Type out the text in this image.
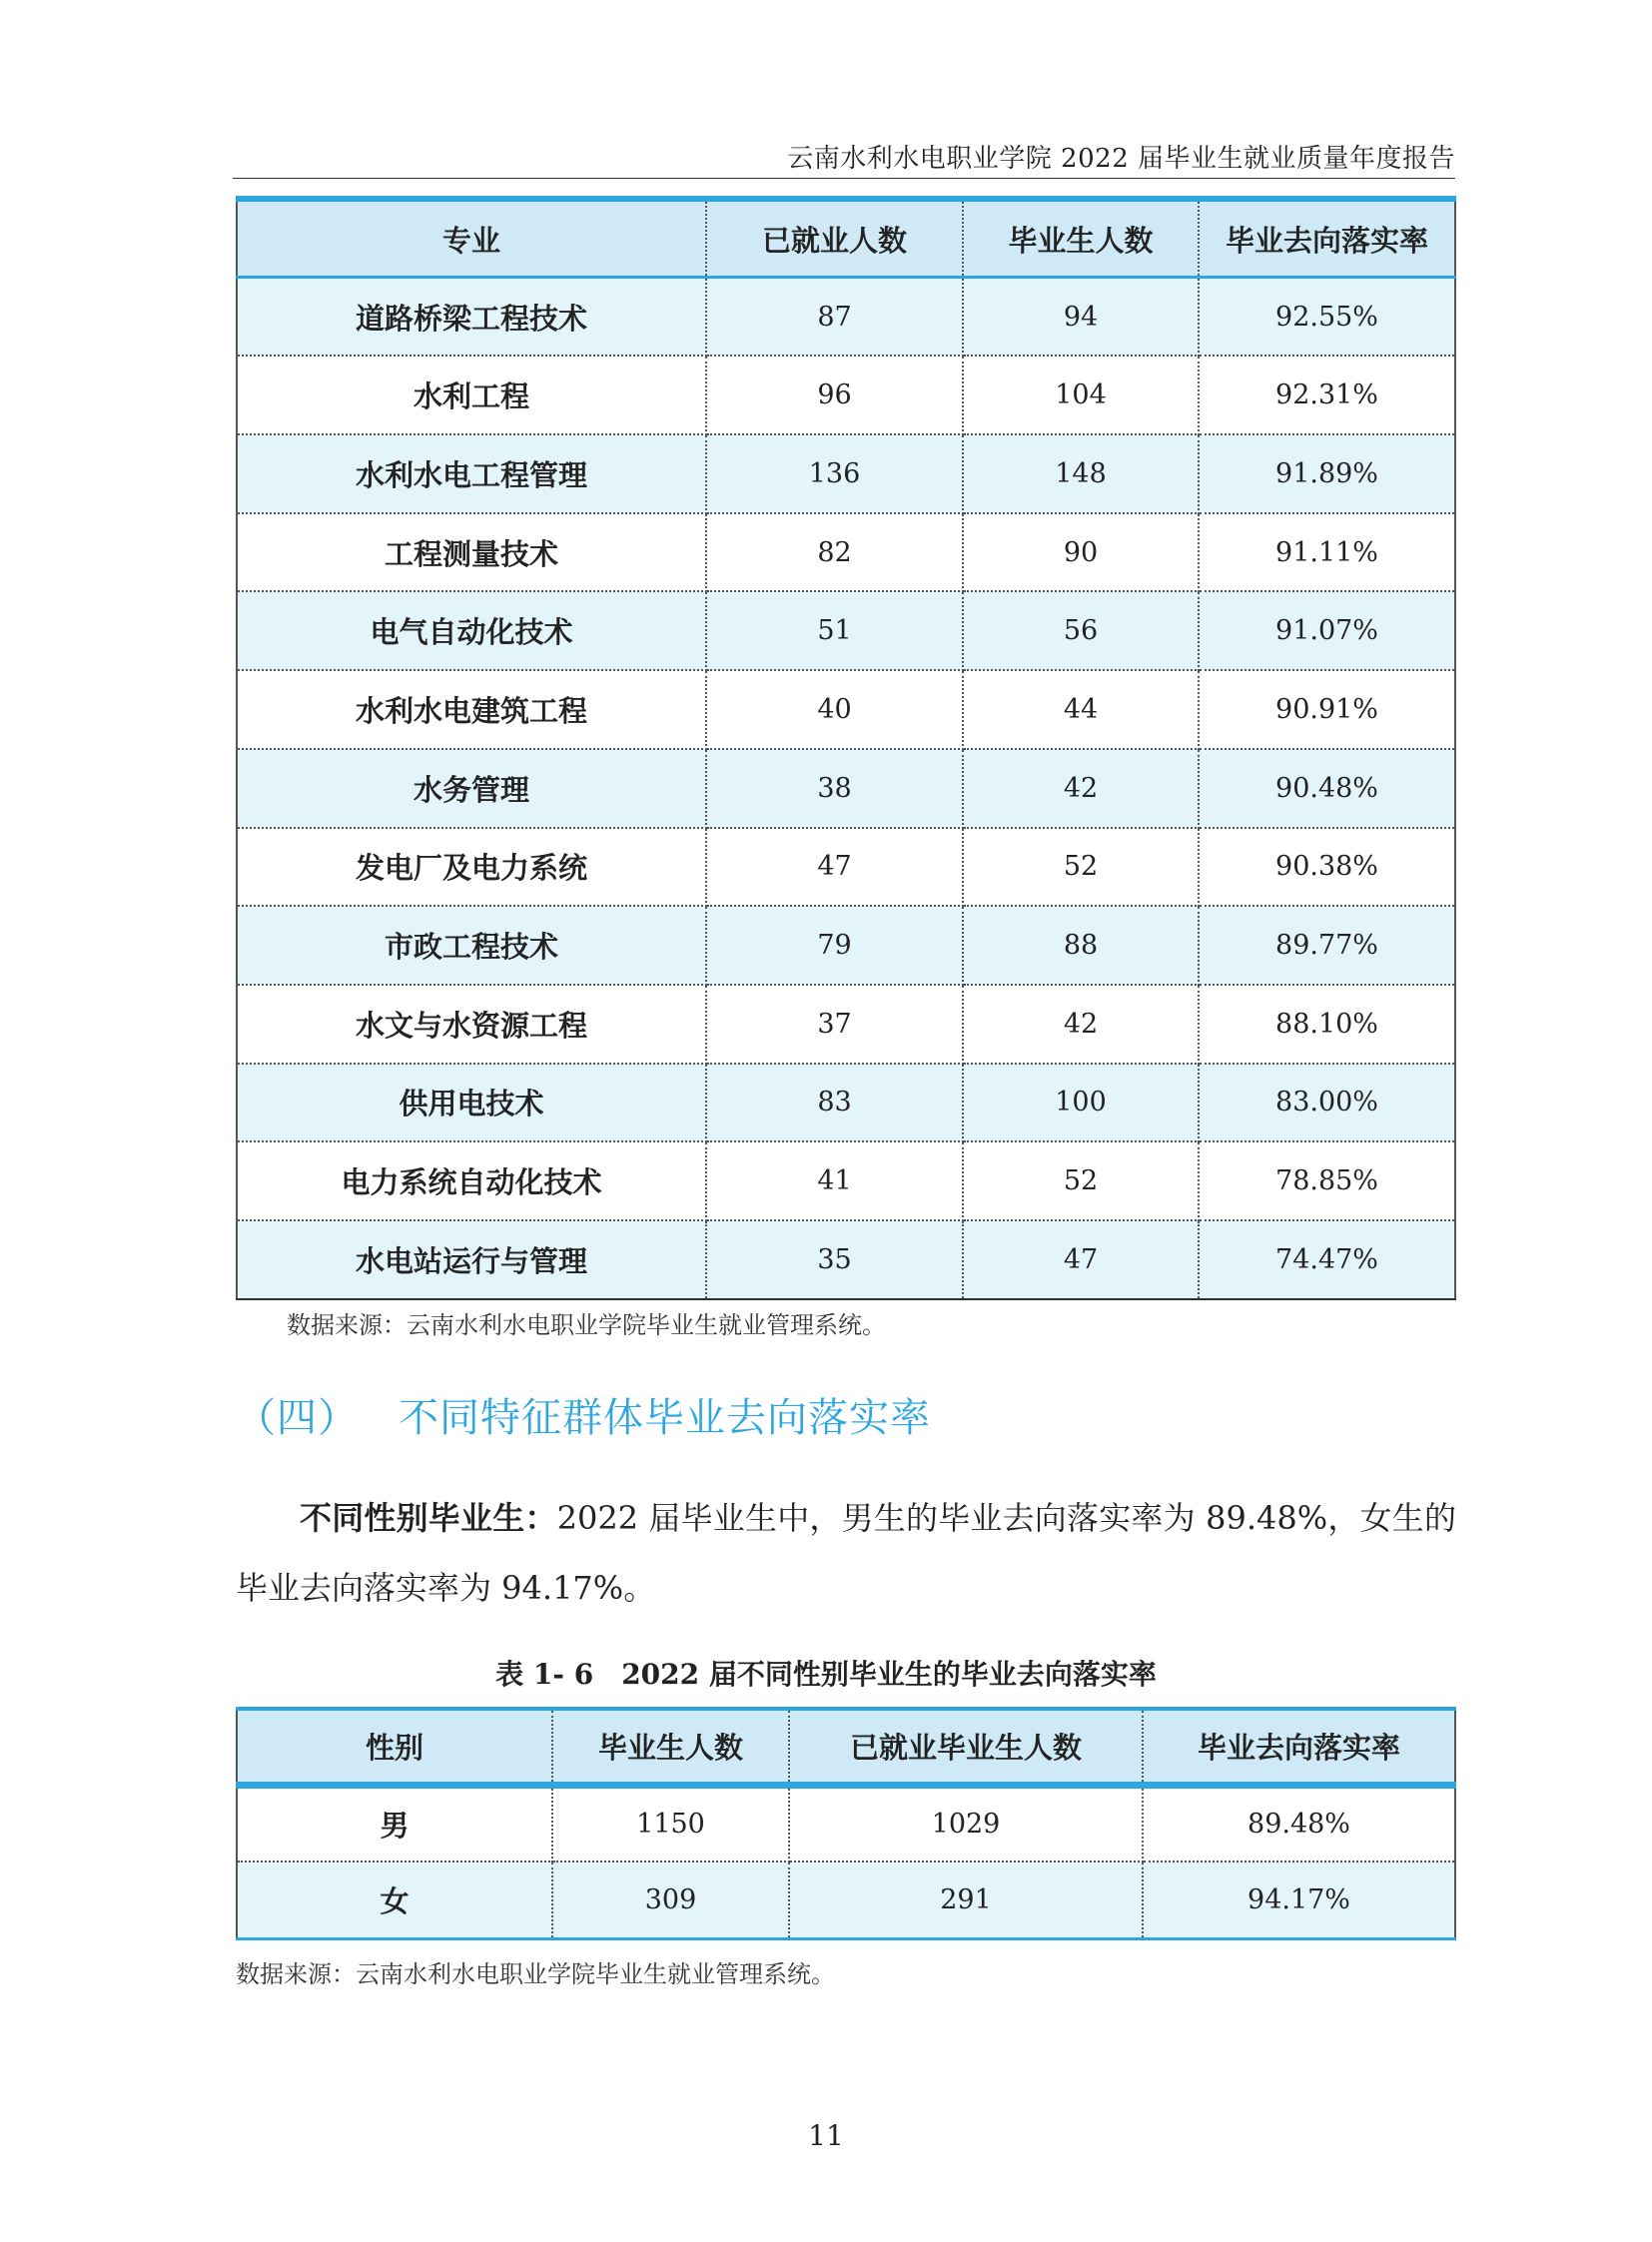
云南水利水电职业学院 2022 届毕业生就业质量年度报告
专业	已就业人数	毕业生人数	毕业去向落实率
道路桥梁工程技术	87	94	92.55%
水利工程	96	104	92.31%
水利水电工程管理	136	148	91.89%
工程测量技术	82	90	91.11%
电气自动化技术	51	56	91.07%
水利水电建筑工程	40	44	90.91%
水务管理	38	42	90.48%
发电厂及电力系统	47	52	90.38%
市政工程技术	79	88	89.77%
水文与水资源工程	37	42	88.10%
供用电技术	83	100	83.00%
电力系统自动化技术	41	52	78.85%
水电站运行与管理	35	47	74.47%
数据来源：云南水利水电职业学院毕业生就业管理系统。
（四） 不同特征群体毕业去向落实率
不同性别毕业生：2022 届毕业生中，男生的毕业去向落实率为 89.48%，女生的毕业去向落实率为 94.17%。
表 1- 6 2022 届不同性别毕业生的毕业去向落实率
性别	毕业生人数	已就业毕业生人数	毕业去向落实率
男	1150	1029	89.48%
女	309	291	94.17%
数据来源：云南水利水电职业学院毕业生就业管理系统。
11
